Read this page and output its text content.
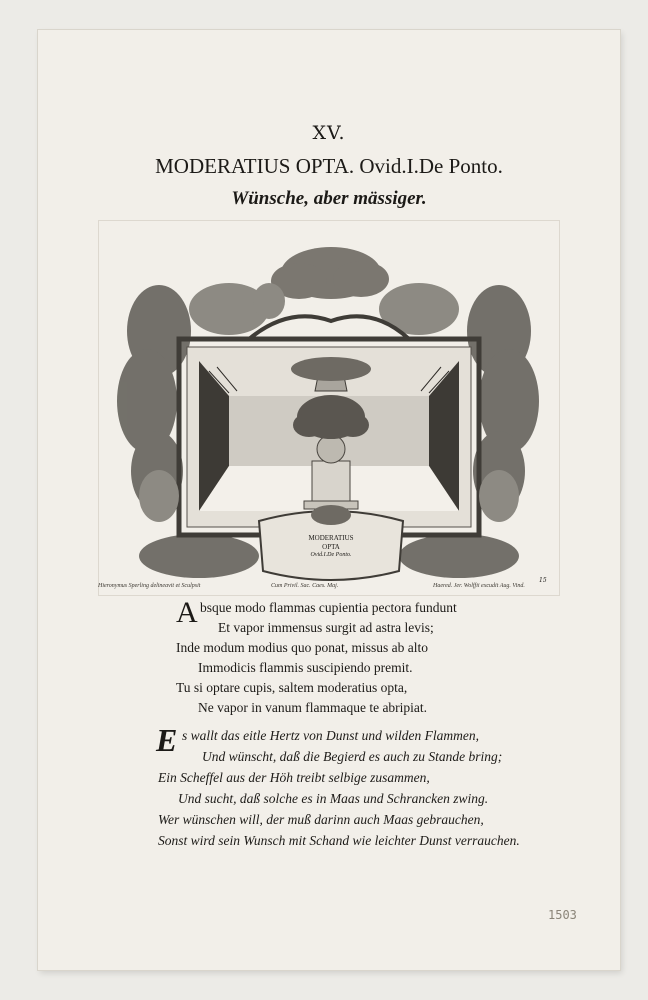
XV.
MODERATIUS OPTA. Ovid.I.De Ponto.
Wünsche, aber mässiger.
MODERATIUS
OPTA
Ovid.I.De Ponto.
15
Hieronymus Sperling delineavit et Sculpsit	Cum Privil. Sac. Caes. Maj.	Haered. Jer. Wolffii excudit Aug. Vind.
A bsque modo flammas cupientia pectora fundunt
Et vapor immensus surgit ad astra levis;
Inde modum modius quo ponat, missus ab alto
Immodicis flammis suscipiendo premit.
Tu si optare cupis, saltem moderatius opta,
Ne vapor in vanum flammaque te abripiat.
E s wallt das eitle Hertz von Dunst und wilden Flammen,
Und wünscht, daß die Begierd es auch zu Stande bring;
Ein Scheffel aus der Höh treibt selbige zusammen,
Und sucht, daß solche es in Maas und Schrancken zwing.
Wer wünschen will, der muß darinn auch Maas gebrauchen,
Sonst wird sein Wunsch mit Schand wie leichter Dunst verrauchen.
1503
